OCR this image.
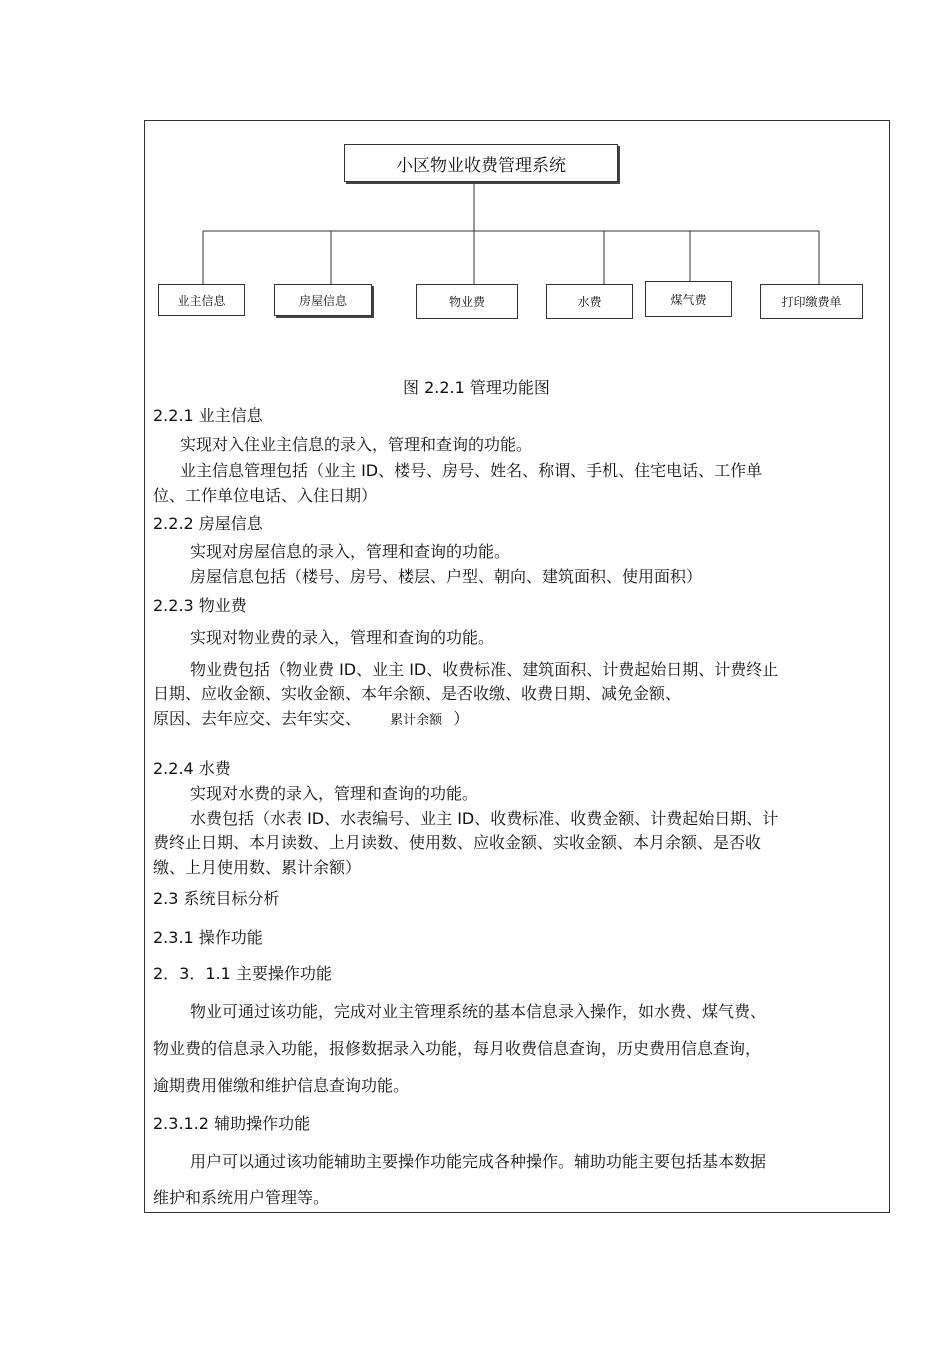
小区物业收费管理系统
业主信息	房屋信息	物业费	水费	煤气费	打印缴费单
图 2.2.1 管理功能图
2.2.1 业主信息
实现对入住业主信息的录入，管理和查询的功能。
业主信息管理包括（业主 ID、楼号、房号、姓名、称谓、手机、住宅电话、工作单
位、工作单位电话、入住日期）
2.2.2 房屋信息
实现对房屋信息的录入，管理和查询的功能。
房屋信息包括（楼号、房号、楼层、户型、朝向、建筑面积、使用面积）
2.2.3 物业费
实现对物业费的录入，管理和查询的功能。
物业费包括（物业费 ID、业主 ID、收费标准、建筑面积、计费起始日期、计费终止
日期、应收金额、实收金额、本年余额、是否收缴、收费日期、减免金额、
原因、去年应交、去年实交、 累计余额 ）
2.2.4 水费
实现对水费的录入，管理和查询的功能。
水费包括（水表 ID、水表编号、业主 ID、收费标准、收费金额、计费起始日期、计
费终止日期、本月读数、上月读数、使用数、应收金额、实收金额、本月余额、是否收
缴、上月使用数、累计余额）
2.3 系统目标分析
2.3.1 操作功能
2．3．1.1 主要操作功能
物业可通过该功能，完成对业主管理系统的基本信息录入操作，如水费、煤气费、
物业费的信息录入功能，报修数据录入功能，每月收费信息查询，历史费用信息查询，
逾期费用催缴和维护信息查询功能。
2.3.1.2 辅助操作功能
用户可以通过该功能辅助主要操作功能完成各种操作。辅助功能主要包括基本数据
维护和系统用户管理等。
